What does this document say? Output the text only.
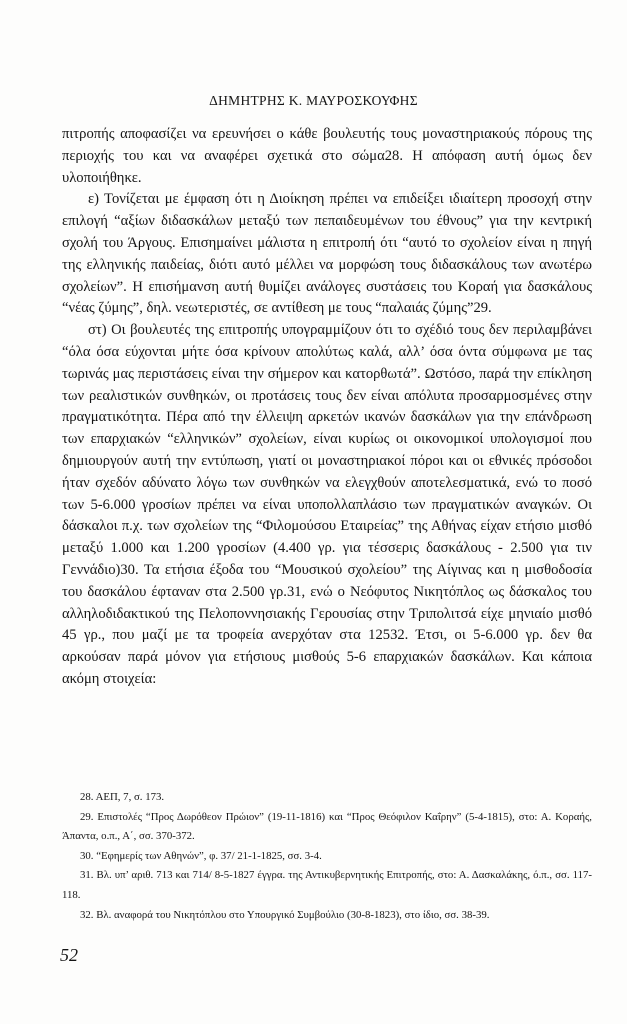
ΔΗΜΗΤΡΗΣ Κ. ΜΑΥΡΟΣΚΟΥΦΗΣ

πιτροπής αποφασίζει να ερευνήσει ο κάθε βουλευτής τους μοναστηριακούς πόρους της περιοχής του και να αναφέρει σχετικά στο σώμα28. Η απόφαση αυτή όμως δεν υλοποιήθηκε.

ε) Τονίζεται με έμφαση ότι η Διοίκηση πρέπει να επιδείξει ιδιαίτερη προσοχή στην επιλογή “αξίων διδασκάλων μεταξύ των πεπαιδευμένων του έθνους” για την κεντρική σχολή του Άργους. Επισημαίνει μάλιστα η επιτροπή ότι “αυτό το σχολείον είναι η πηγή της ελληνικής παιδείας, διότι αυτό μέλλει να μορφώση τους διδασκάλους των ανωτέρω σχολείων”. Η επισήμανση αυτή θυμίζει ανάλογες συστάσεις του Κοραή για δασκάλους “νέας ζύμης”, δηλ. νεωτεριστές, σε αντίθεση με τους “παλαιάς ζύμης”29.

στ) Οι βουλευτές της επιτροπής υπογραμμίζουν ότι το σχέδιό τους δεν περιλαμβάνει “όλα όσα εύχονται μήτε όσα κρίνουν απολύτως καλά, αλλ’ όσα όντα σύμφωνα με τας τωρινάς μας περιστάσεις είναι την σήμερον και κατορθωτά”. Ωστόσο, παρά την επίκληση των ρεαλιστικών συνθηκών, οι προτάσεις τους δεν είναι απόλυτα προσαρμοσμένες στην πραγματικότητα. Πέρα από την έλλειψη αρκετών ικανών δασκάλων για την επάνδρωση των επαρχιακών “ελληνικών” σχολείων, είναι κυρίως οι οικονομικοί υπολογισμοί που δημιουργούν αυτή την εντύπωση, γιατί οι μοναστηριακοί πόροι και οι εθνικές πρόσοδοι ήταν σχεδόν αδύνατο λόγω των συνθηκών να ελεγχθούν αποτελεσματικά, ενώ το ποσό των 5-6.000 γροσίων πρέπει να είναι υποπολλαπλάσιο των πραγματικών αναγκών. Οι δάσκαλοι π.χ. των σχολείων της “Φιλομούσου Εταιρείας” της Αθήνας είχαν ετήσιο μισθό μεταξύ 1.000 και 1.200 γροσίων (4.400 γρ. για τέσσερις δασκάλους - 2.500 για τιν Γεννάδιο)30. Τα ετήσια έξοδα του “Μουσικού σχολείου” της Αίγινας και η μισθοδοσία του δασκάλου έφταναν στα 2.500 γρ.31, ενώ ο Νεόφυτος Νικητόπλος ως δάσκαλος του αλληλοδιδακτικού της Πελοποννησιακής Γερουσίας στην Τριπολιτσά είχε μηνιαίο μισθό 45 γρ., που μαζί με τα τροφεία ανερχόταν στα 12532. Έτσι, οι 5-6.000 γρ. δεν θα αρκούσαν παρά μόνον για ετήσιους μισθούς 5-6 επαρχιακών δασκάλων. Και κάποια ακόμη στοιχεία:

28. ΑΕΠ, 7, σ. 173.

29. Επιστολές “Προς Δωρόθεον Πρώιον” (19-11-1816) και “Προς Θεόφιλον Καΐρην” (5-4-1815), στο: Α. Κοραής, Άπαντα, ο.π., Α΄, σσ. 370-372.

30. “Εφημερίς των Αθηνών”, φ. 37/ 21-1-1825, σσ. 3-4.

31. Βλ. υπ’ αριθ. 713 και 714/ 8-5-1827 έγγρα. της Αντικυβερνητικής Επιτροπής, στο: Α. Δασκαλάκης, ό.π., σσ. 117-118.

32. Βλ. αναφορά του Νικητόπλου στο Υπουργικό Συμβούλιο (30-8-1823), στο ίδιο, σσ. 38-39.

52
